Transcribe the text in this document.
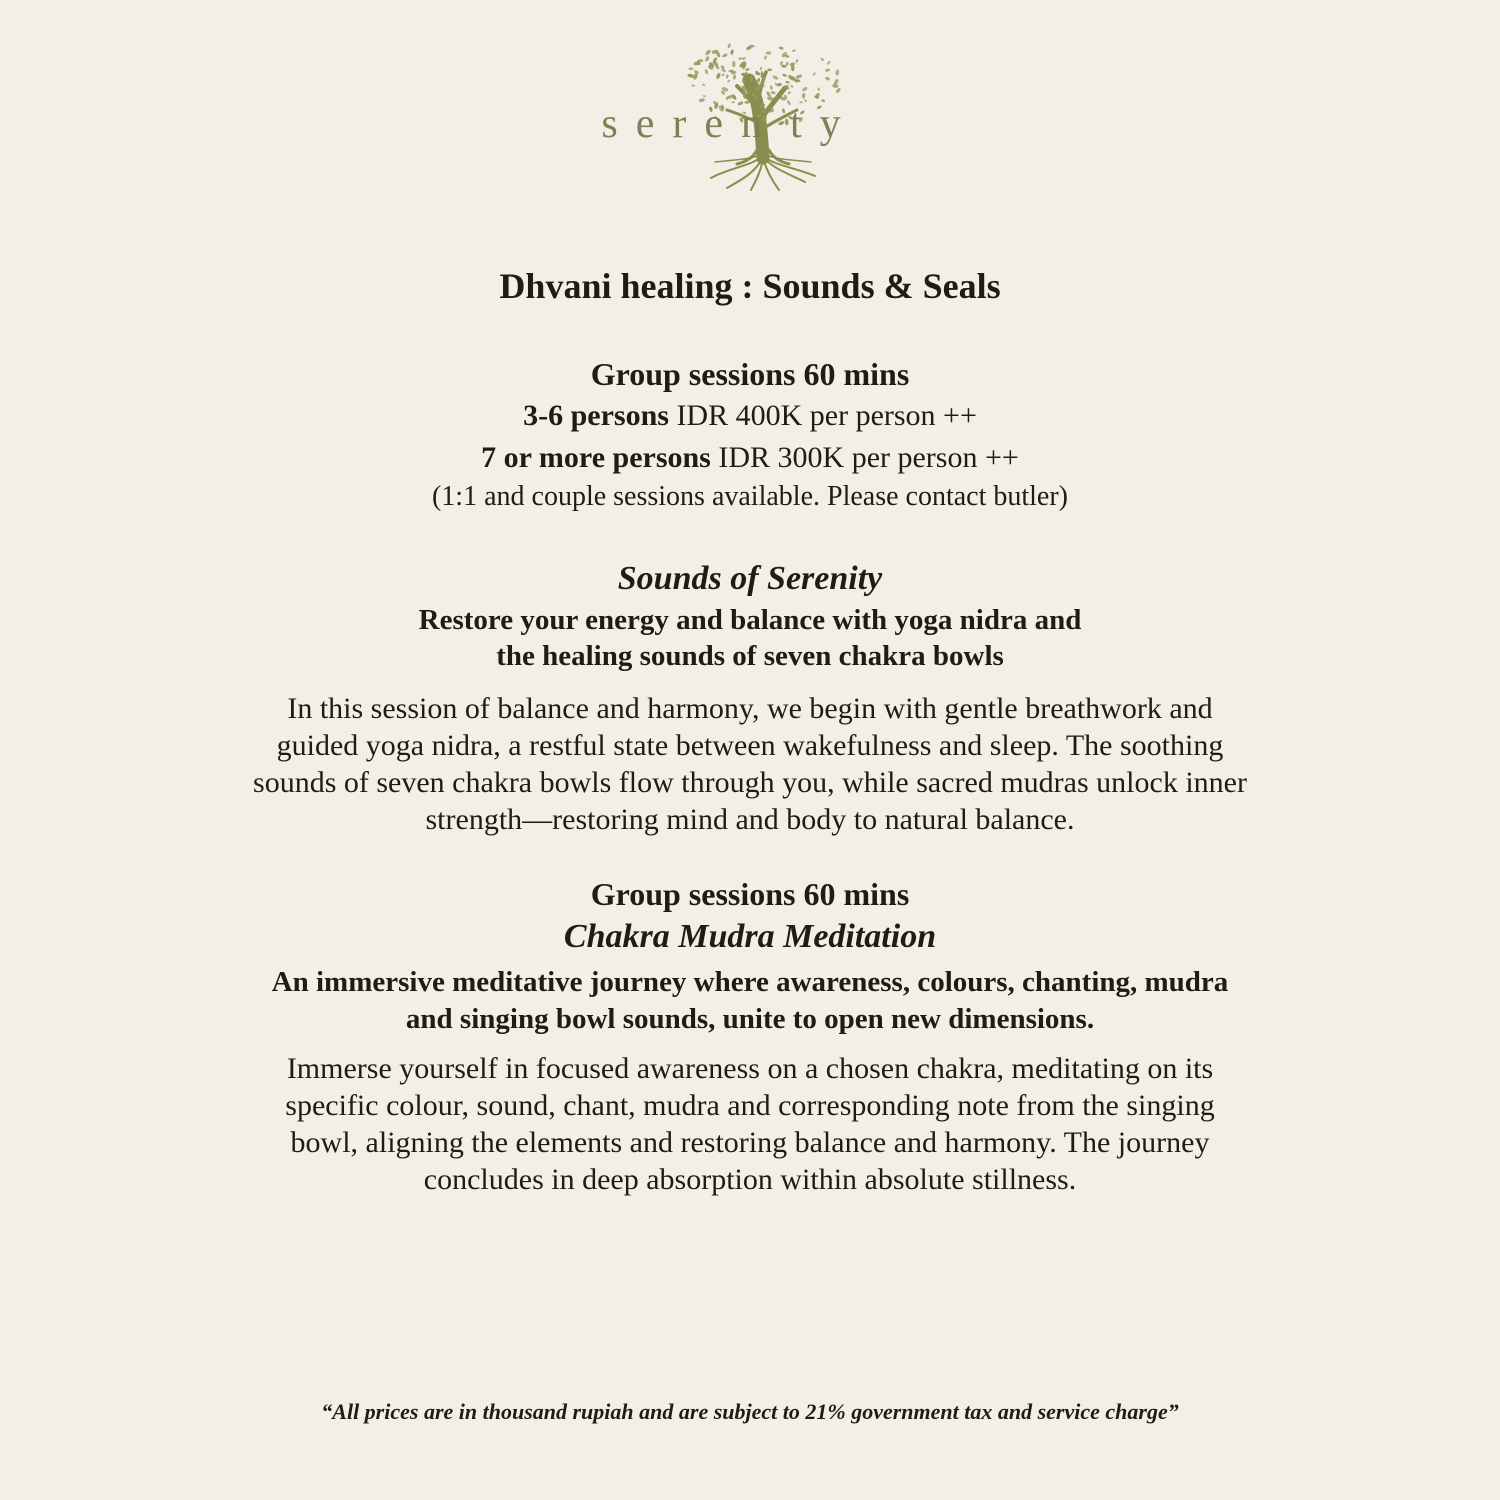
seren ty
Dhvani healing : Sounds & Seals
Group sessions 60 mins
3-6 persons IDR 400K per person ++
7 or more persons IDR 300K per person ++
(1:1 and couple sessions available. Please contact butler)
Sounds of Serenity
Restore your energy and balance with yoga nidra and
the healing sounds of seven chakra bowls

In this session of balance and harmony, we begin with gentle breathwork and
guided yoga nidra, a restful state between wakefulness and sleep. The soothing
sounds of seven chakra bowls flow through you, while sacred mudras unlock inner
strength—restoring mind and body to natural balance.

Group sessions 60 mins
Chakra Mudra Meditation
An immersive meditative journey where awareness, colours, chanting, mudra
and singing bowl sounds, unite to open new dimensions.

Immerse yourself in focused awareness on a chosen chakra, meditating on its
specific colour, sound, chant, mudra and corresponding note from the singing
bowl, aligning the elements and restoring balance and harmony. The journey
concludes in deep absorption within absolute stillness.

“All prices are in thousand rupiah and are subject to 21% government tax and service charge”
